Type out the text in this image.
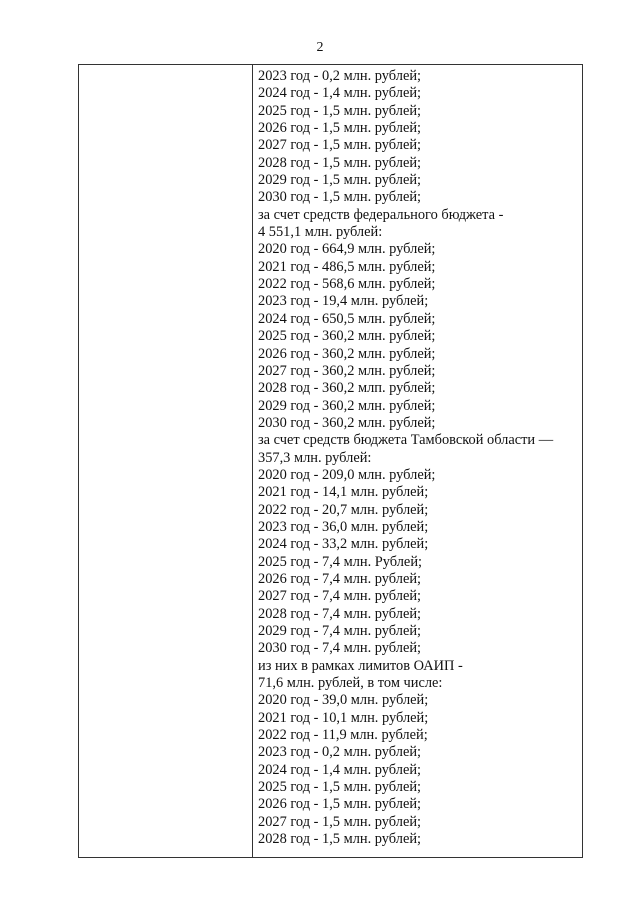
2
2023 год - 0,2 млн. рублей;
2024 год - 1,4 млн. рублей;
2025 год - 1,5 млн. рублей;
2026 год - 1,5 млн. рублей;
2027 год - 1,5 млн. рублей;
2028 год - 1,5 млн. рублей;
2029 год - 1,5 млн. рублей;
2030 год - 1,5 млн. рублей;
за счет средств федерального бюджета -
4 551,1 млн. рублей:
2020 год - 664,9 млн. рублей;
2021 год - 486,5 млн. рублей;
2022 год - 568,6 млн. рублей;
2023 год - 19,4 млн. рублей;
2024 год - 650,5 млн. рублей;
2025 год - 360,2 млн. рублей;
2026 год - 360,2 млн. рублей;
2027 год - 360,2 млн. рублей;
2028 год - 360,2 млп. рублей;
2029 год - 360,2 млн. рублей;
2030 год - 360,2 млн. рублей;
за счет средств бюджета Тамбовской области —
357,3 млн. рублей:
2020 год - 209,0 млн. рублей;
2021 год - 14,1 млн. рублей;
2022 год - 20,7 млн. рублей;
2023 год - 36,0 млн. рублей;
2024 год - 33,2 млн. рублей;
2025 год - 7,4 млн. Рублей;
2026 год - 7,4 млн. рублей;
2027 год - 7,4 млн. рублей;
2028 год - 7,4 млн. рублей;
2029 год - 7,4 млн. рублей;
2030 год - 7,4 млн. рублей;
из них в рамках лимитов ОАИП -
71,6 млн. рублей, в том числе:
2020 год - 39,0 млн. рублей;
2021 год - 10,1 млн. рублей;
2022 год - 11,9 млн. рублей;
2023 год - 0,2 млн. рублей;
2024 год - 1,4 млн. рублей;
2025 год - 1,5 млн. рублей;
2026 год - 1,5 млн. рублей;
2027 год - 1,5 млн. рублей;
2028 год - 1,5 млн. рублей;
